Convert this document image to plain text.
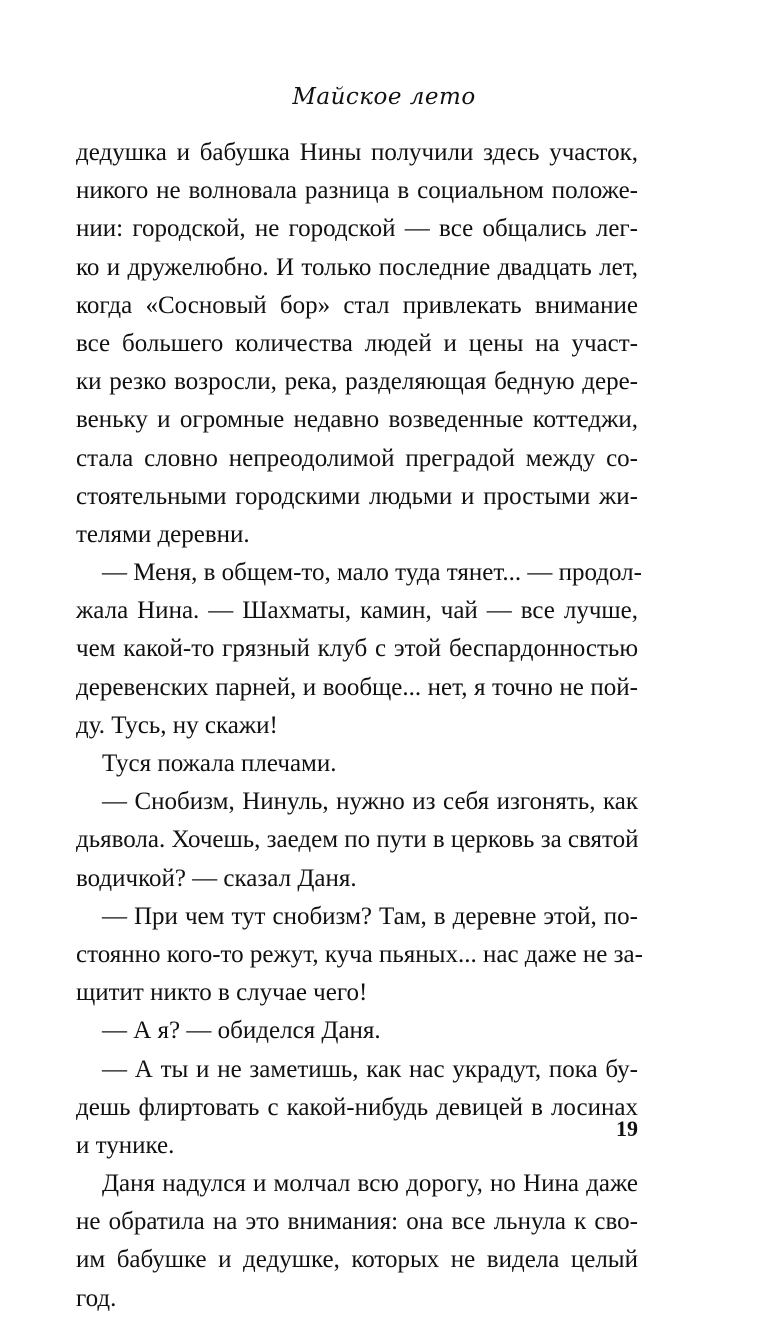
Майское лето
дедушка и бабушка Нины получили здесь участок,
никого не волновала разница в социальном положе-
нии: городской, не городской — все общались лег-
ко и дружелюбно. И только последние двадцать лет,
когда «Сосновый бор» стал привлекать внимание
все большего количества людей и цены на участ-
ки резко возросли, река, разделяющая бедную дере-
веньку и огромные недавно возведенные коттеджи,
стала словно непреодолимой преградой между со-
стоятельными городскими людьми и простыми жи-
телями деревни.
— Меня, в общем-то, мало туда тянет... — продол-
жала Нина. — Шахматы, камин, чай — все лучше,
чем какой-то грязный клуб с этой беспардонностью
деревенских парней, и вообще... нет, я точно не пой-
ду. Тусь, ну скажи!
Туся пожала плечами.
— Снобизм, Нинуль, нужно из себя изгонять, как
дьявола. Хочешь, заедем по пути в церковь за святой
водичкой? — сказал Даня.
— При чем тут снобизм? Там, в деревне этой, по-
стоянно кого-то режут, куча пьяных... нас даже не за-
щитит никто в случае чего!
— А я? — обиделся Даня.
— А ты и не заметишь, как нас украдут, пока бу-
дешь флиртовать с какой-нибудь девицей в лосинах
и тунике.
Даня надулся и молчал всю дорогу, но Нина даже
не обратила на это внимания: она все льнула к сво-
им бабушке и дедушке, которых не видела целый
год.
19
